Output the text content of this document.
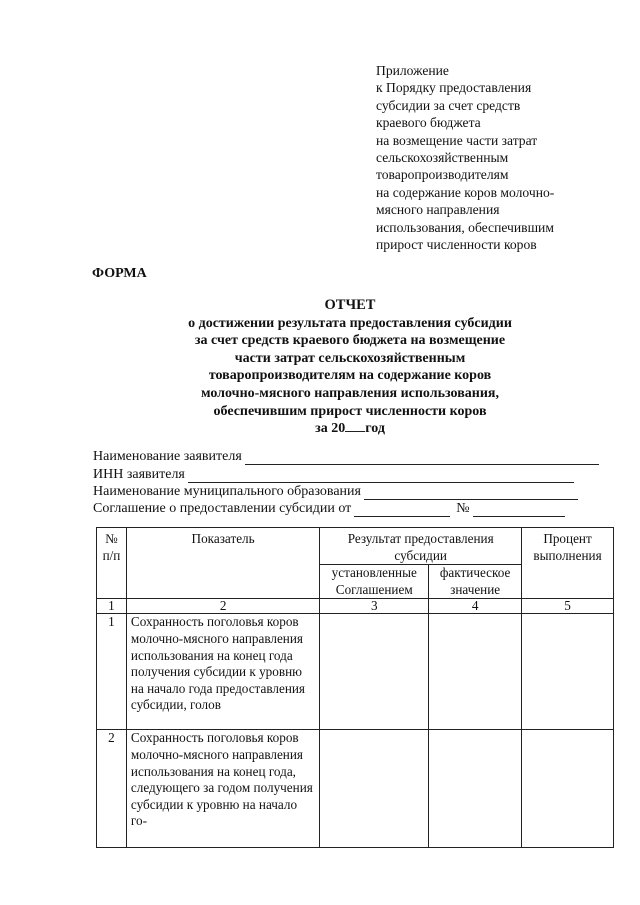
Приложение
к Порядку предоставления
субсидии за счет средств
краевого бюджета
на возмещение части затрат
сельскохозяйственным
товаропроизводителям
на содержание коров молочно-
мясного направления
использования, обеспечившим
прирост численности коров
ФОРМА
ОТЧЕТ
о достижении результата предоставления субсидии
за счет средств краевого бюджета на возмещение
части затрат сельскохозяйственным
товаропроизводителям на содержание коров
молочно-мясного направления использования,
обеспечившим прирост численности коров
за 20 год
Наименование заявителя
ИНН заявителя
Наименование муниципального образования
Соглашение о предоставлении субсидии от	№
№ п/п	Показатель	Результат предоставления субсидии		Процент выполнения
		установленные Соглашением	фактическое значение	
1	2	3	4	5
1	Сохранность поголовья коров молочно-мясного направления использования на конец года получения субсидии к уровню на начало года предоставления субсидии, голов			
2	Сохранность поголовья коров молочно-мясного направления использования на конец года, следующего за годом получения субсидии к уровню на начало го-			
